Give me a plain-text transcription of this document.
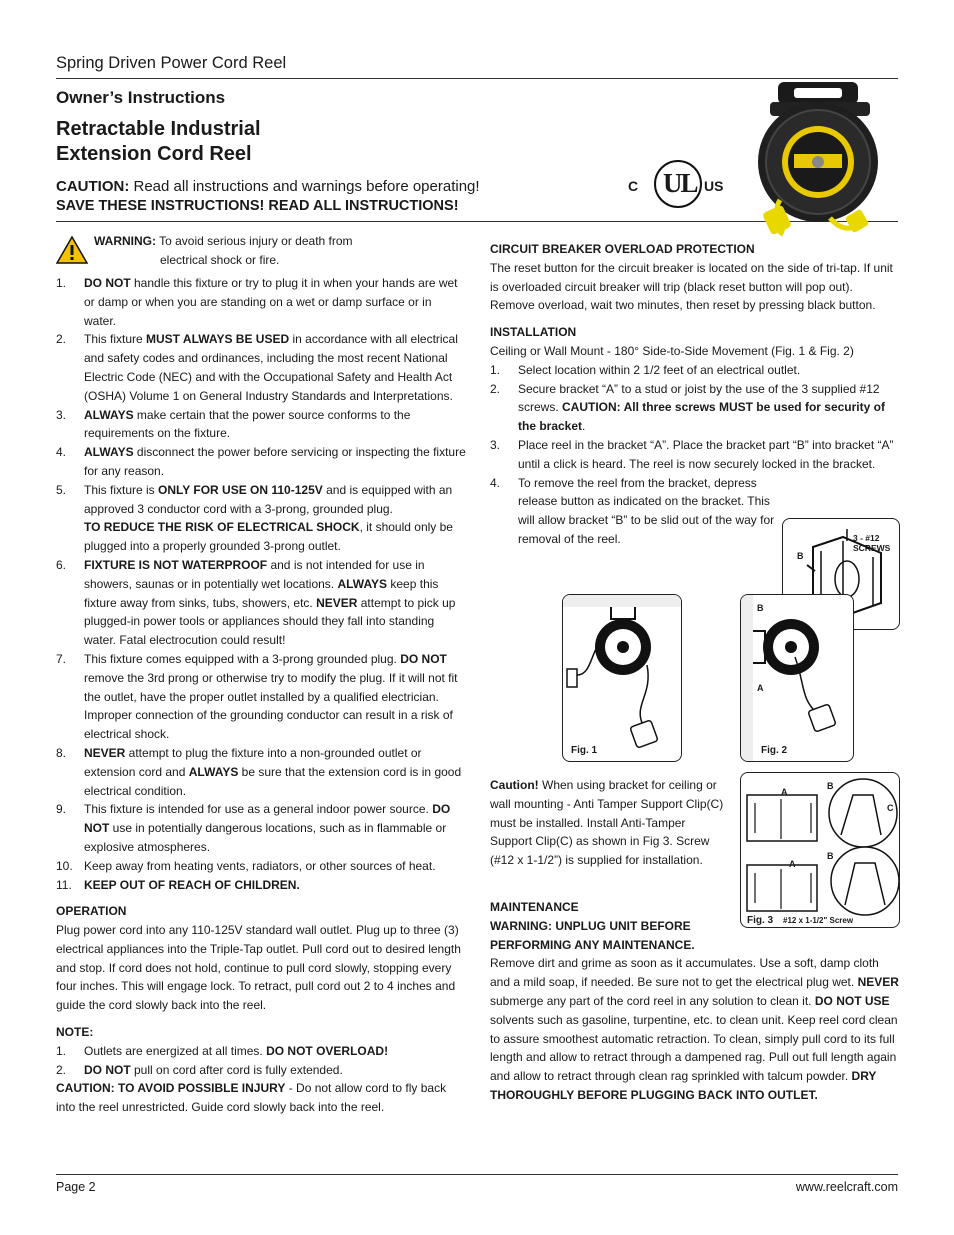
Spring Driven Power Cord Reel
Owner’s Instructions
Retractable Industrial
Extension Cord Reel
CAUTION: Read all instructions and warnings before operating!
SAVE THESE INSTRUCTIONS! READ ALL INSTRUCTIONS!
C UL US
WARNING: To avoid serious injury or death from
electrical shock or fire.
1. DO NOT handle this fixture or try to plug it in when your hands are wet or damp or when you are standing on a wet or damp surface or in water.
2. This fixture MUST ALWAYS BE USED in accordance with all electrical and safety codes and ordinances, including the most recent National Electric Code (NEC) and with the Occupational Safety and Health Act (OSHA) Volume 1 on General Industry Standards and Interpretations.
3. ALWAYS make certain that the power source conforms to the requirements on the fixture.
4. ALWAYS disconnect the power before servicing or inspecting the fixture for any reason.
5. This fixture is ONLY FOR USE ON 110-125V and is equipped with an approved 3 conductor cord with a 3-prong, grounded plug.
TO REDUCE THE RISK OF ELECTRICAL SHOCK, it should only be plugged into a properly grounded 3-prong outlet.
6. FIXTURE IS NOT WATERPROOF and is not intended for use in showers, saunas or in potentially wet locations. ALWAYS keep this fixture away from sinks, tubs, showers, etc. NEVER attempt to pick up plugged-in power tools or appliances should they fall into standing water. Fatal electrocution could result!
7. This fixture comes equipped with a 3-prong grounded plug. DO NOT remove the 3rd prong or otherwise try to modify the plug. If it will not fit the outlet, have the proper outlet installed by a qualified electrician. Improper connection of the grounding conductor can result in a risk of electrical shock.
8. NEVER attempt to plug the fixture into a non-grounded outlet or extension cord and ALWAYS be sure that the extension cord is in good electrical condition.
9. This fixture is intended for use as a general indoor power source. DO NOT use in potentially dangerous locations, such as in flammable or explosive atmospheres.
10. Keep away from heating vents, radiators, or other sources of heat.
11. KEEP OUT OF REACH OF CHILDREN.
OPERATION

Plug power cord into any 110-125V standard wall outlet. Plug up to three (3) electrical appliances into the Triple-Tap outlet. Pull cord out to desired length and stop. If cord does not hold, continue to pull cord slowly, stopping every four inches. This will engage lock. To retract, pull cord out 2 to 4 inches and guide the cord slowly back into the reel.

NOTE:
1. Outlets are energized at all times. DO NOT OVERLOAD!
2. DO NOT pull on cord after cord is fully extended.

CAUTION: TO AVOID POSSIBLE INJURY - Do not allow cord to fly back into the reel unrestricted. Guide cord slowly back into the reel.

CIRCUIT BREAKER OVERLOAD PROTECTION

The reset button for the circuit breaker is located on the side of tri-tap. If unit is overloaded circuit breaker will trip (black reset button will pop out). Remove overload, wait two minutes, then reset by pressing black button.

INSTALLATION

Ceiling or Wall Mount - 180° Side-to-Side Movement (Fig. 1 & Fig. 2)

1. Select location within 2 1/2 feet of an electrical outlet.
2. Secure bracket “A” to a stud or joist by the use of the 3 supplied #12 screws. CAUTION: All three screws MUST be used for security of the bracket.
3. Place reel in the bracket “A”. Place the bracket part “B” into bracket “A” until a click is heard. The reel is now securely locked in the bracket.
4. To remove the reel from the bracket, depress release button as indicated on the bracket. This will allow bracket “B” to be slid out of the way for removal of the reel.
Caution! When using bracket for ceiling or wall mounting - Anti Tamper Support Clip(C) must be installed. Install Anti-Tamper Support Clip(C) as shown in Fig 3. Screw (#12 x 1-1/2”) is supplied for installation.
MAINTENANCE
WARNING: UNPLUG UNIT BEFORE
PERFORMING ANY MAINTENANCE.

Remove dirt and grime as soon as it accumulates. Use a soft, damp cloth and a mild soap, if needed. Be sure not to get the electrical plug wet. NEVER submerge any part of the cord reel in any solution to clean it. DO NOT USE solvents such as gasoline, turpentine, etc. to clean unit. Keep reel cord clean to assure smoothest automatic retraction. To clean, simply pull cord to its full length and allow to retract through a dampened rag. Pull out full length again and allow to retract through clean rag sprinkled with talcum powder. DRY THOROUGHLY BEFORE PLUGGING BACK INTO OUTLET.

3 - #12
SCREWS
B
Fig. 1
B
A
Fig. 2
A
B
C
A
B
Fig. 3 #12 x 1-1/2" Screw
Page 2	www.reelcraft.com
